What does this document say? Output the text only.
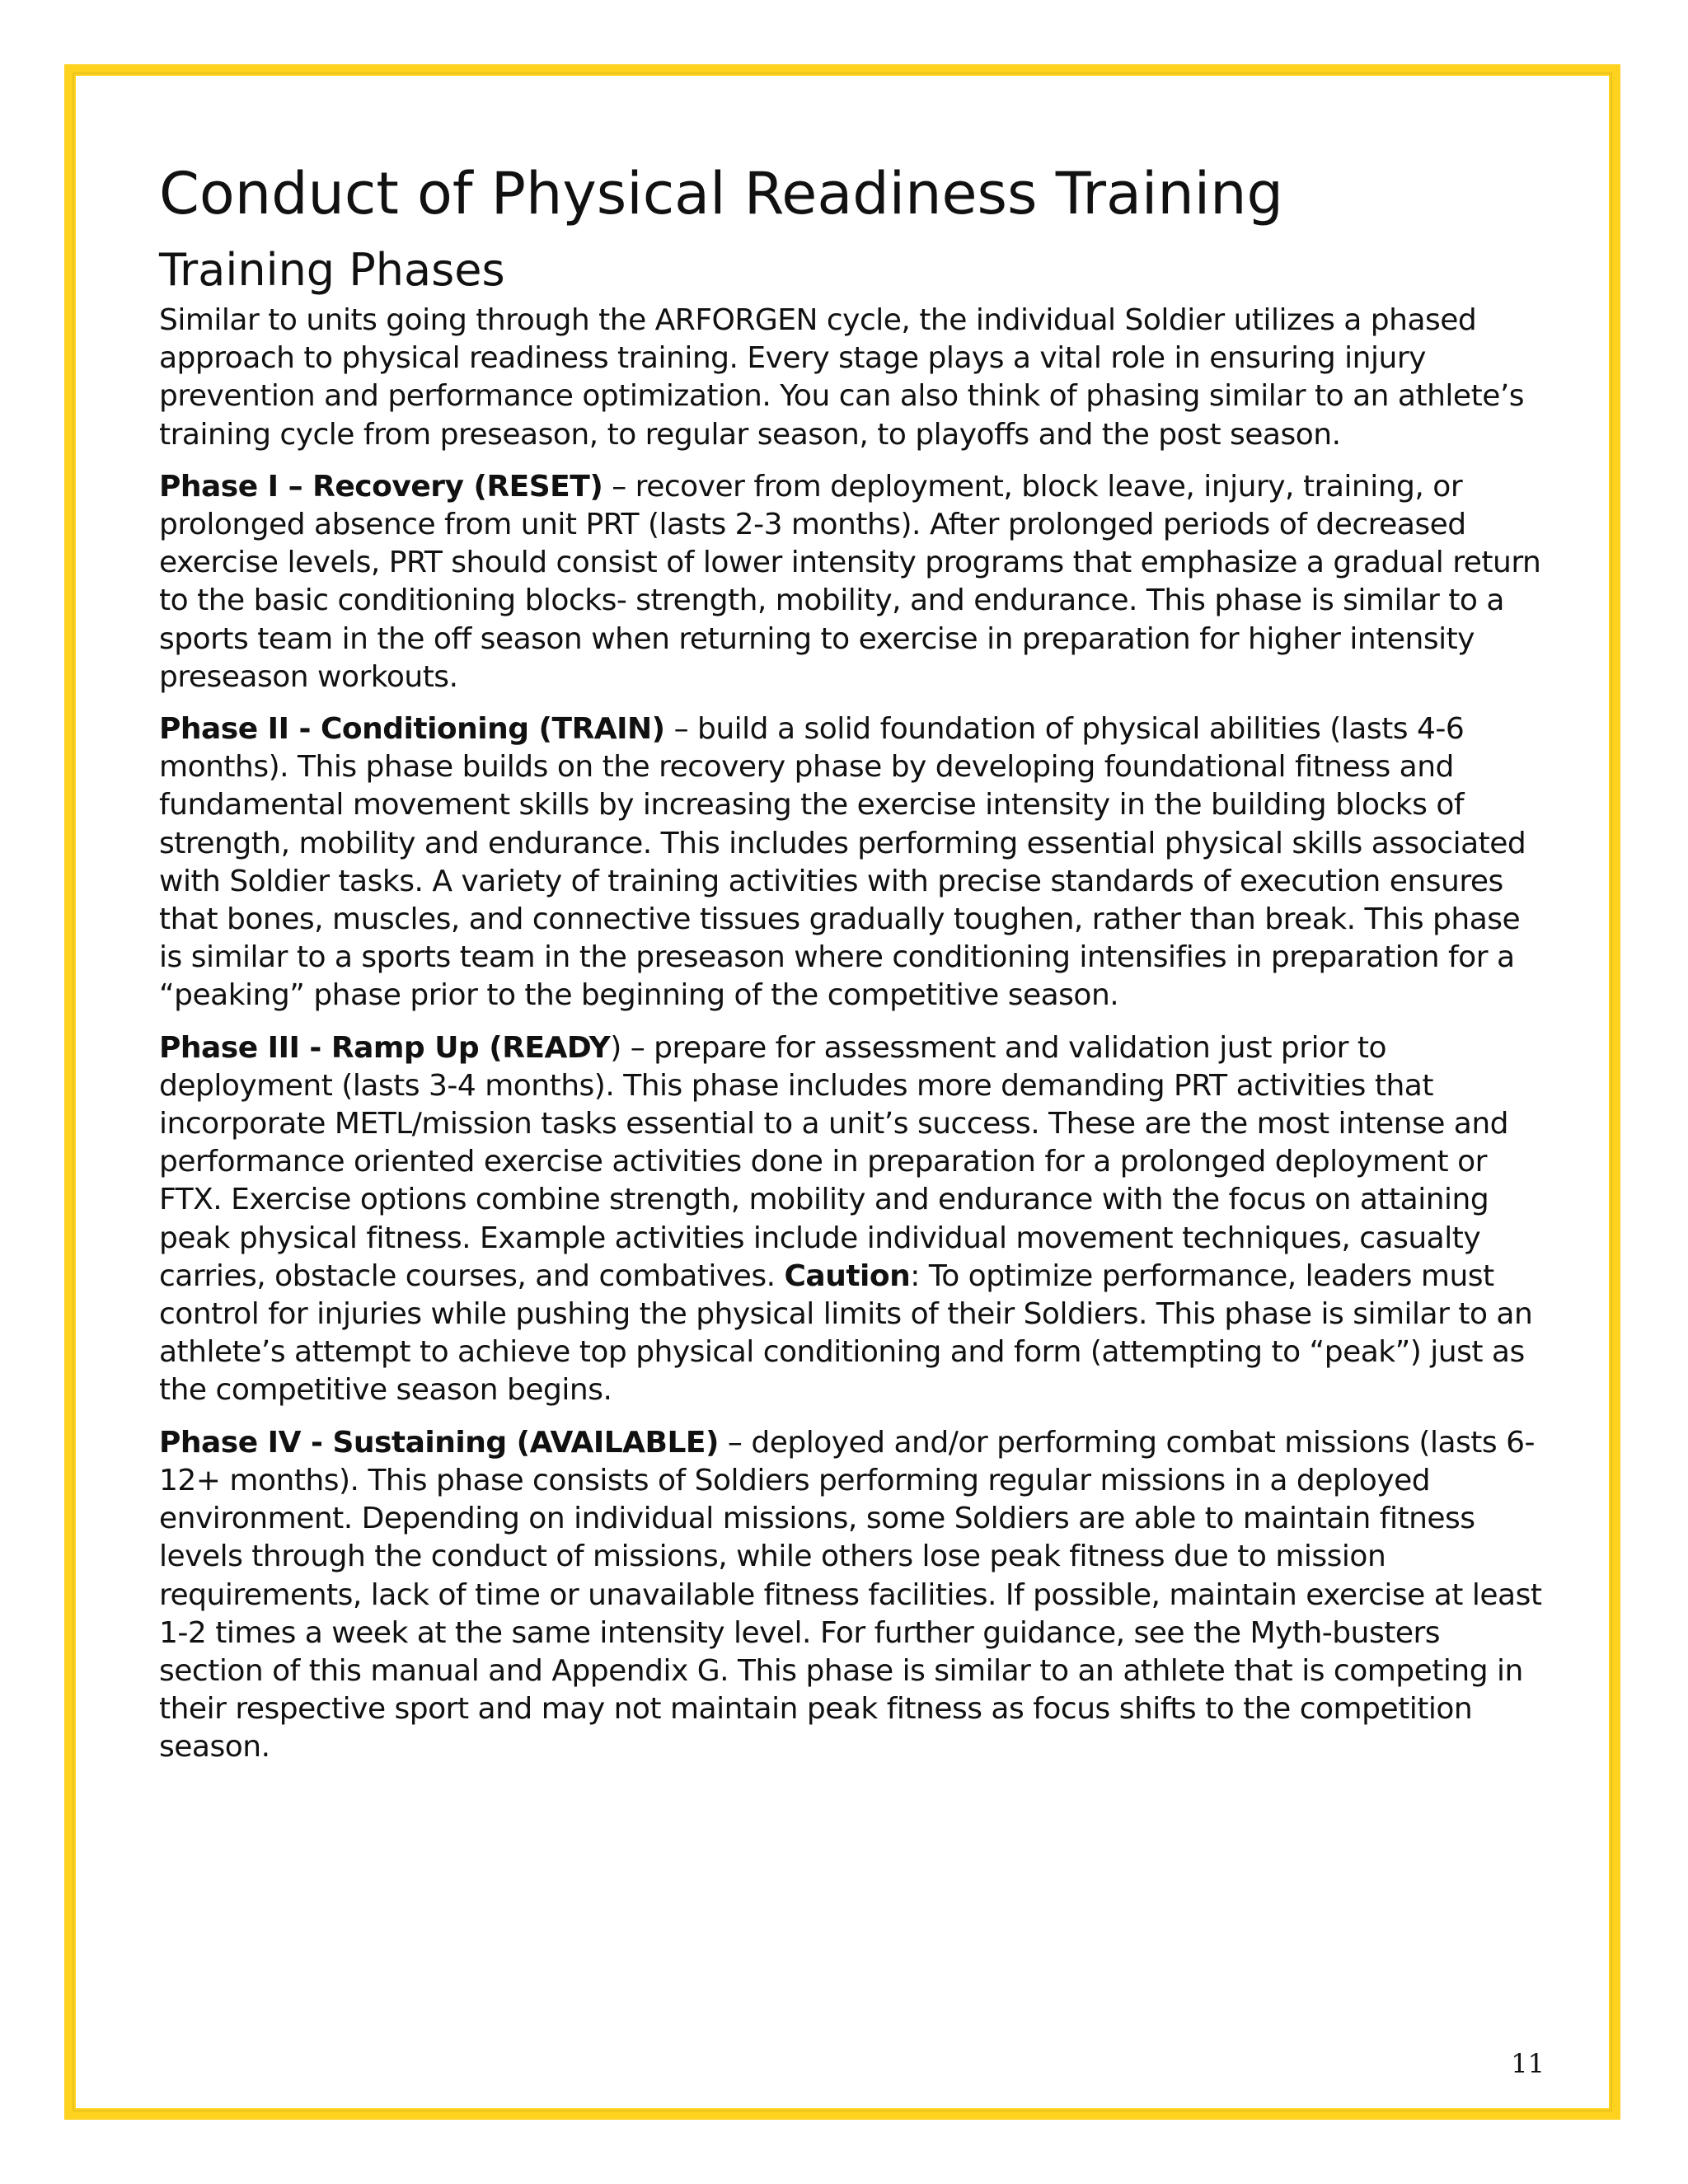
Conduct of Physical Readiness Training
Training Phases

Similar to units going through the ARFORGEN cycle, the individual Soldier utilizes a phased approach to physical readiness training. Every stage plays a vital role in ensuring injury prevention and performance optimization. You can also think of phasing similar to an athlete’s training cycle from preseason, to regular season, to playoffs and the post season.

Phase I – Recovery (RESET) – recover from deployment, block leave, injury, training, or prolonged absence from unit PRT (lasts 2-3 months). After prolonged periods of decreased exercise levels, PRT should consist of lower intensity programs that emphasize a gradual return to the basic conditioning blocks- strength, mobility, and endurance. This phase is similar to a sports team in the off season when returning to exercise in preparation for higher intensity preseason workouts.

Phase II - Conditioning (TRAIN) – build a solid foundation of physical abilities (lasts 4-6 months). This phase builds on the recovery phase by developing foundational fitness and fundamental movement skills by increasing the exercise intensity in the building blocks of strength, mobility and endurance. This includes performing essential physical skills associated with Soldier tasks. A variety of training activities with precise standards of execution ensures that bones, muscles, and connective tissues gradually toughen, rather than break. This phase is similar to a sports team in the preseason where conditioning intensifies in preparation for a “peaking” phase prior to the beginning of the competitive season.

Phase III - Ramp Up (READY) – prepare for assessment and validation just prior to deployment (lasts 3-4 months). This phase includes more demanding PRT activities that incorporate METL/mission tasks essential to a unit’s success. These are the most intense and performance oriented exercise activities done in preparation for a prolonged deployment or FTX. Exercise options combine strength, mobility and endurance with the focus on attaining peak physical fitness. Example activities include individual movement techniques, casualty carries, obstacle courses, and combatives. Caution: To optimize performance, leaders must control for injuries while pushing the physical limits of their Soldiers. This phase is similar to an athlete’s attempt to achieve top physical conditioning and form (attempting to “peak”) just as the competitive season begins.

Phase IV - Sustaining (AVAILABLE) – deployed and/or performing combat missions (lasts 6-12+ months). This phase consists of Soldiers performing regular missions in a deployed environment. Depending on individual missions, some Soldiers are able to maintain fitness levels through the conduct of missions, while others lose peak fitness due to mission requirements, lack of time or unavailable fitness facilities. If possible, maintain exercise at least 1-2 times a week at the same intensity level. For further guidance, see the Myth-busters section of this manual and Appendix G. This phase is similar to an athlete that is competing in their respective sport and may not maintain peak fitness as focus shifts to the competition season.

11
